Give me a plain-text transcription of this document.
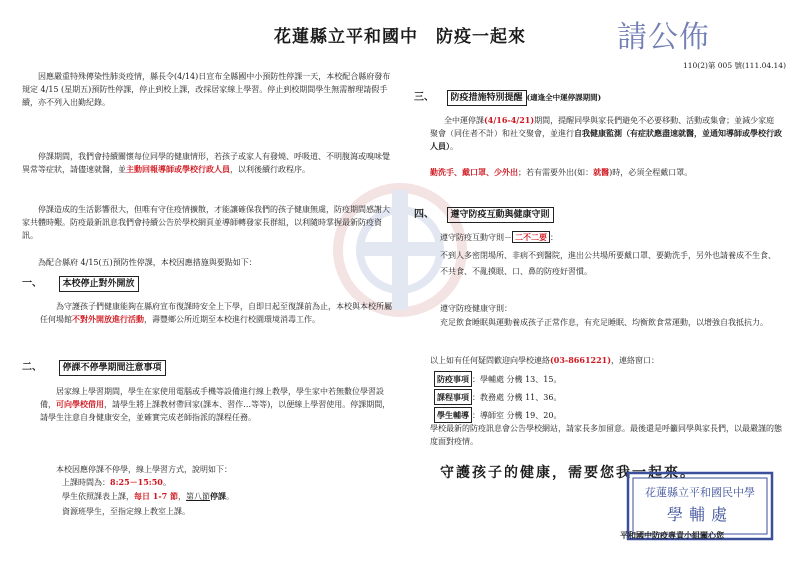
花蓮縣立平和國中　防疫一起來	請公佈
110(2)第 005 號(111.04.14)
因應嚴重特殊傳染性肺炎疫情，縣長令(4/14)日宣布全縣國中小預防性停課一天，本校配合縣府發布規定 4/15 (星期五)預防性停課，停止到校上課，改採居家線上學習。停止到校期間學生無需辦理請假手續，亦不列入出勤紀錄。
停課期間，我們會持續關懷每位同學的健康情形，若孩子或家人有發燒、呼吸道、不明腹瀉或嗅味覺異常等症狀，請儘速就醫，並主動回報導師或學校行政人員，以利後續行政程序。
停課造成的生活影響很大，但唯有守住疫情擴散，才能讓確保我們的孩子健康無虞，防疫期間感謝大家共體時艱。防疫最新訊息我們會持續公告於學校網頁並導師轉發家長群組，以利隨時掌握最新防疫資訊。
為配合縣府 4/15(五)預防性停課，本校因應措施與要點如下：
一、 本校停止對外開放
為守護孩子們健康能夠在縣府宣布復課時安全上下學，自即日起至復課前為止，本校與本校所屬任何場館不對外開放進行活動，壽豐鄉公所近期至本校進行校園環境消毒工作。
二、 停課不停學期間注意事項
居家線上學習期間，學生在家使用電腦或手機等設備進行線上教學，學生家中若無數位學習設備，可向學校借用，請學生將上課教材帶回家(課本、習作…等等)，以便線上學習使用。停課期間，請學生注意自身健康安全，並確實完成老師指派的課程任務。
本校因應停課不停學，線上學習方式，說明如下：
上課時間為：8:25－15:50。
學生依照課表上課，每日 1-7 節，第八節停課。
資源班學生，至指定線上教室上課。
三、 防疫措施特別提醒 (適逢全中運停課期間)
全中運停課(4/16-4/21)期間，提醒同學與家長們避免不必要移動、活動或集會；並減少家庭聚會（同住者不計）和社交聚會，並進行自我健康監測（有症狀應盡速就醫，並通知導師或學校行政人員）。
勤洗手、戴口罩、少外出；若有需要外出(如：就醫)時，必須全程戴口罩。
四、 遵守防疫互動與健康守則
遵守防疫互動守則－ 二不二要 ：
不到人多密閉場所、非病不到醫院，進出公共場所要戴口罩、要勤洗手，另外也請養成不生食、不共食、不亂摸眼、口、鼻的防疫好習慣。
遵守防疫健康守則：
充足飲食睡眠與運動養成孩子正常作息，有充足睡眠、均衡飲食常運動，以增強自我抵抗力。
以上如有任何疑問歡迎向學校連絡(03-8661221)，連絡窗口：
防疫事項 ：學輔處 分機 13、15。
課程事項 ：教務處 分機 11、36。
學生輔導 ：導師室 分機 19、20。
學校最新的防疫訊息會公告學校網站，請家長多加留意。最後還是呼籲同學與家長們，以最嚴謹的態度面對疫情。
守護孩子的健康，需要您我一起來。
花蓮縣立平和國民中學
學輔處
平和國中防疫專責小組關心您
